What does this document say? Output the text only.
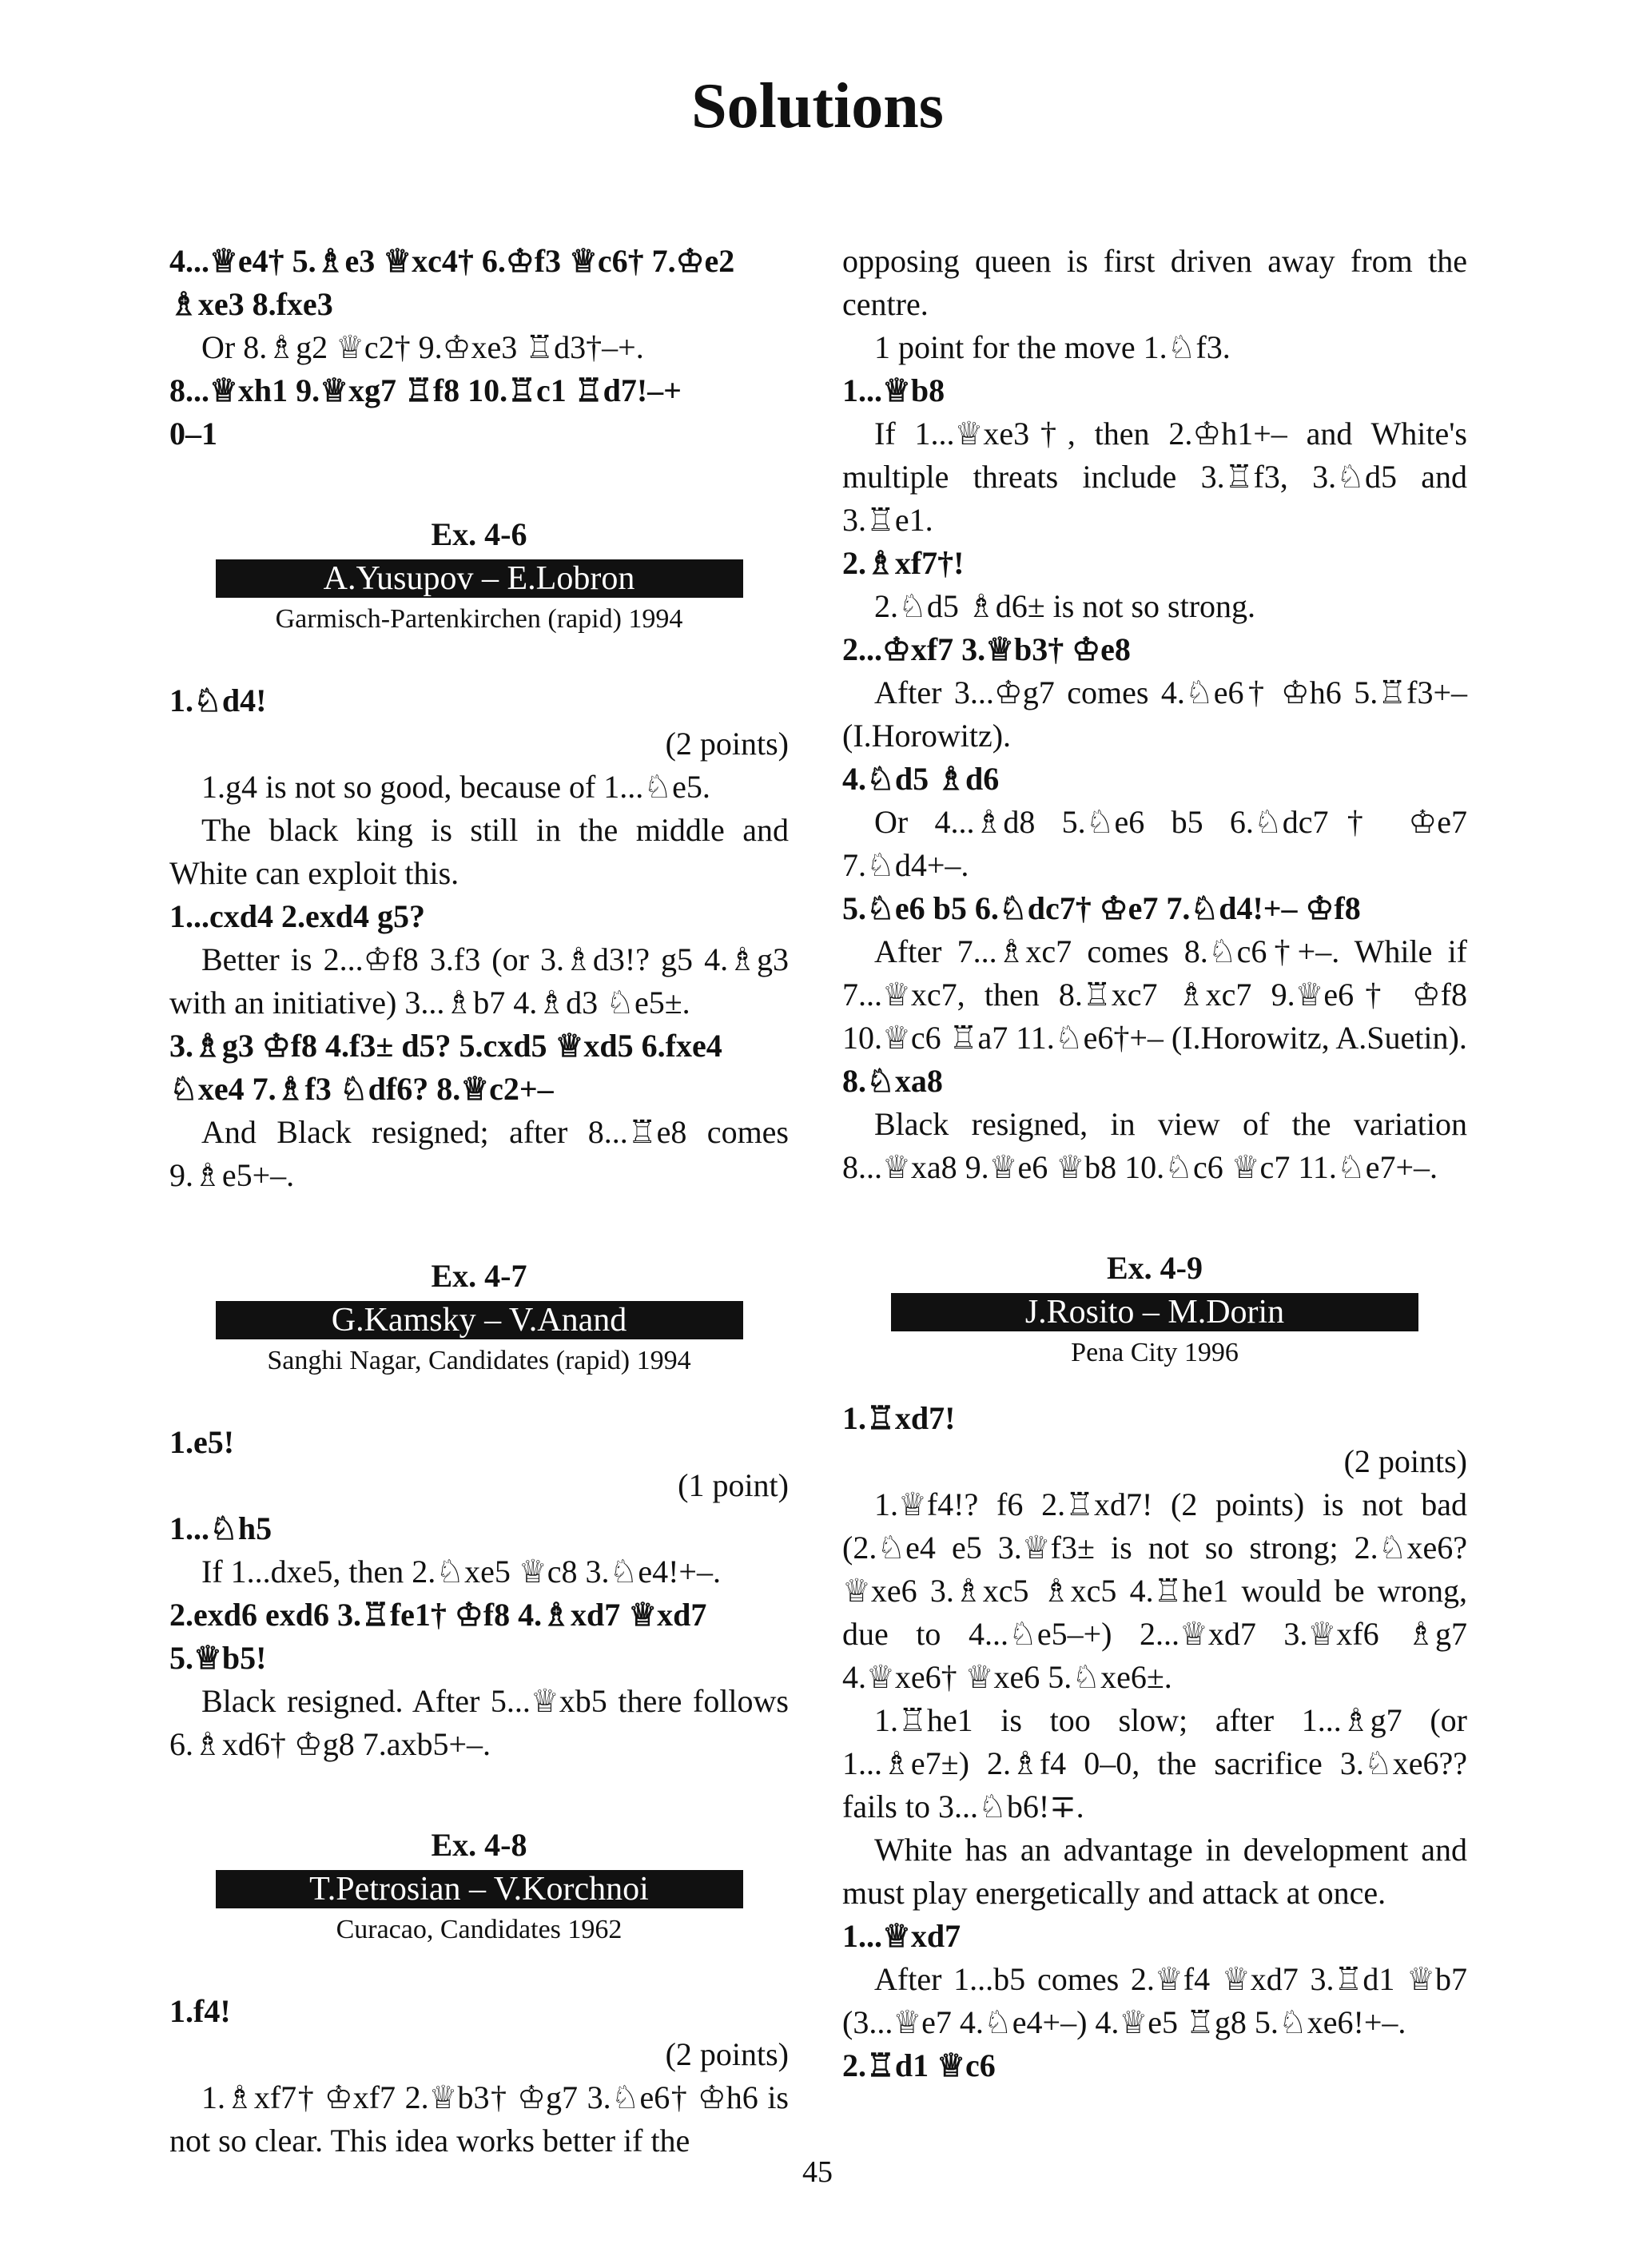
Solutions

4...♕e4† 5.♗e3 ♕xc4† 6.♔f3 ♕c6† 7.♔e2 ♗xe3 8.fxe3

Or 8.♗g2 ♕c2† 9.♔xe3 ♖d3†–+.

8...♕xh1 9.♕xg7 ♖f8 10.♖c1 ♖d7!–+

0–1

Ex. 4-6

A.Yusupov – E.Lobron

Garmisch-Partenkirchen (rapid) 1994

1.♘d4!

(2 points)

1.g4 is not so good, because of 1...♘e5.

The black king is still in the middle and White can exploit this.

1...cxd4 2.exd4 g5?

Better is 2...♔f8 3.f3 (or 3.♗d3!? g5 4.♗g3 with an initiative) 3...♗b7 4.♗d3 ♘e5±.

3.♗g3 ♔f8 4.f3± d5? 5.cxd5 ♕xd5 6.fxe4 ♘xe4 7.♗f3 ♘df6? 8.♕c2+–

And Black resigned; after 8...♖e8 comes 9.♗e5+–.

Ex. 4-7

G.Kamsky – V.Anand

Sanghi Nagar, Candidates (rapid) 1994

1.e5!

(1 point)

1...♘h5

If 1...dxe5, then 2.♘xe5 ♕c8 3.♘e4!+–.

2.exd6 exd6 3.♖fe1† ♔f8 4.♗xd7 ♕xd7 5.♕b5!

Black resigned. After 5...♕xb5 there follows 6.♗xd6† ♔g8 7.axb5+–.

Ex. 4-8

T.Petrosian – V.Korchnoi

Curacao, Candidates 1962

1.f4!

(2 points)

1.♗xf7† ♔xf7 2.♕b3† ♔g7 3.♘e6† ♔h6 is not so clear. This idea works better if the

opposing queen is first driven away from the centre.

1 point for the move 1.♘f3.

1...♕b8

If 1...♕xe3†, then 2.♔h1+– and White's multiple threats include 3.♖f3, 3.♘d5 and 3.♖e1.

2.♗xf7†!

2.♘d5 ♗d6± is not so strong.

2...♔xf7 3.♕b3† ♔e8

After 3...♔g7 comes 4.♘e6† ♔h6 5.♖f3+– (I.Horowitz).

4.♘d5 ♗d6

Or 4...♗d8 5.♘e6 b5 6.♘dc7† ♔e7 7.♘d4+–.

5.♘e6 b5 6.♘dc7† ♔e7 7.♘d4!+– ♔f8

After 7...♗xc7 comes 8.♘c6†+–. While if 7...♕xc7, then 8.♖xc7 ♗xc7 9.♕e6† ♔f8 10.♕c6 ♖a7 11.♘e6†+– (I.Horowitz, A.Suetin).

8.♘xa8

Black resigned, in view of the variation 8...♕xa8 9.♕e6 ♕b8 10.♘c6 ♕c7 11.♘e7+–.

Ex. 4-9

J.Rosito – M.Dorin

Pena City 1996

1.♖xd7!

(2 points)

1.♕f4!? f6 2.♖xd7! (2 points) is not bad (2.♘e4 e5 3.♕f3± is not so strong; 2.♘xe6? ♕xe6 3.♗xc5 ♗xc5 4.♖he1 would be wrong, due to 4...♘e5–+) 2...♕xd7 3.♕xf6 ♗g7 4.♕xe6† ♕xe6 5.♘xe6±.

1.♖he1 is too slow; after 1...♗g7 (or 1...♗e7±) 2.♗f4 0–0, the sacrifice 3.♘xe6?? fails to 3...♘b6!∓.

White has an advantage in development and must play energetically and attack at once.

1...♕xd7

After 1...b5 comes 2.♕f4 ♕xd7 3.♖d1 ♕b7 (3...♕e7 4.♘e4+–) 4.♕e5 ♖g8 5.♘xe6!+–.

2.♖d1 ♕c6

45
